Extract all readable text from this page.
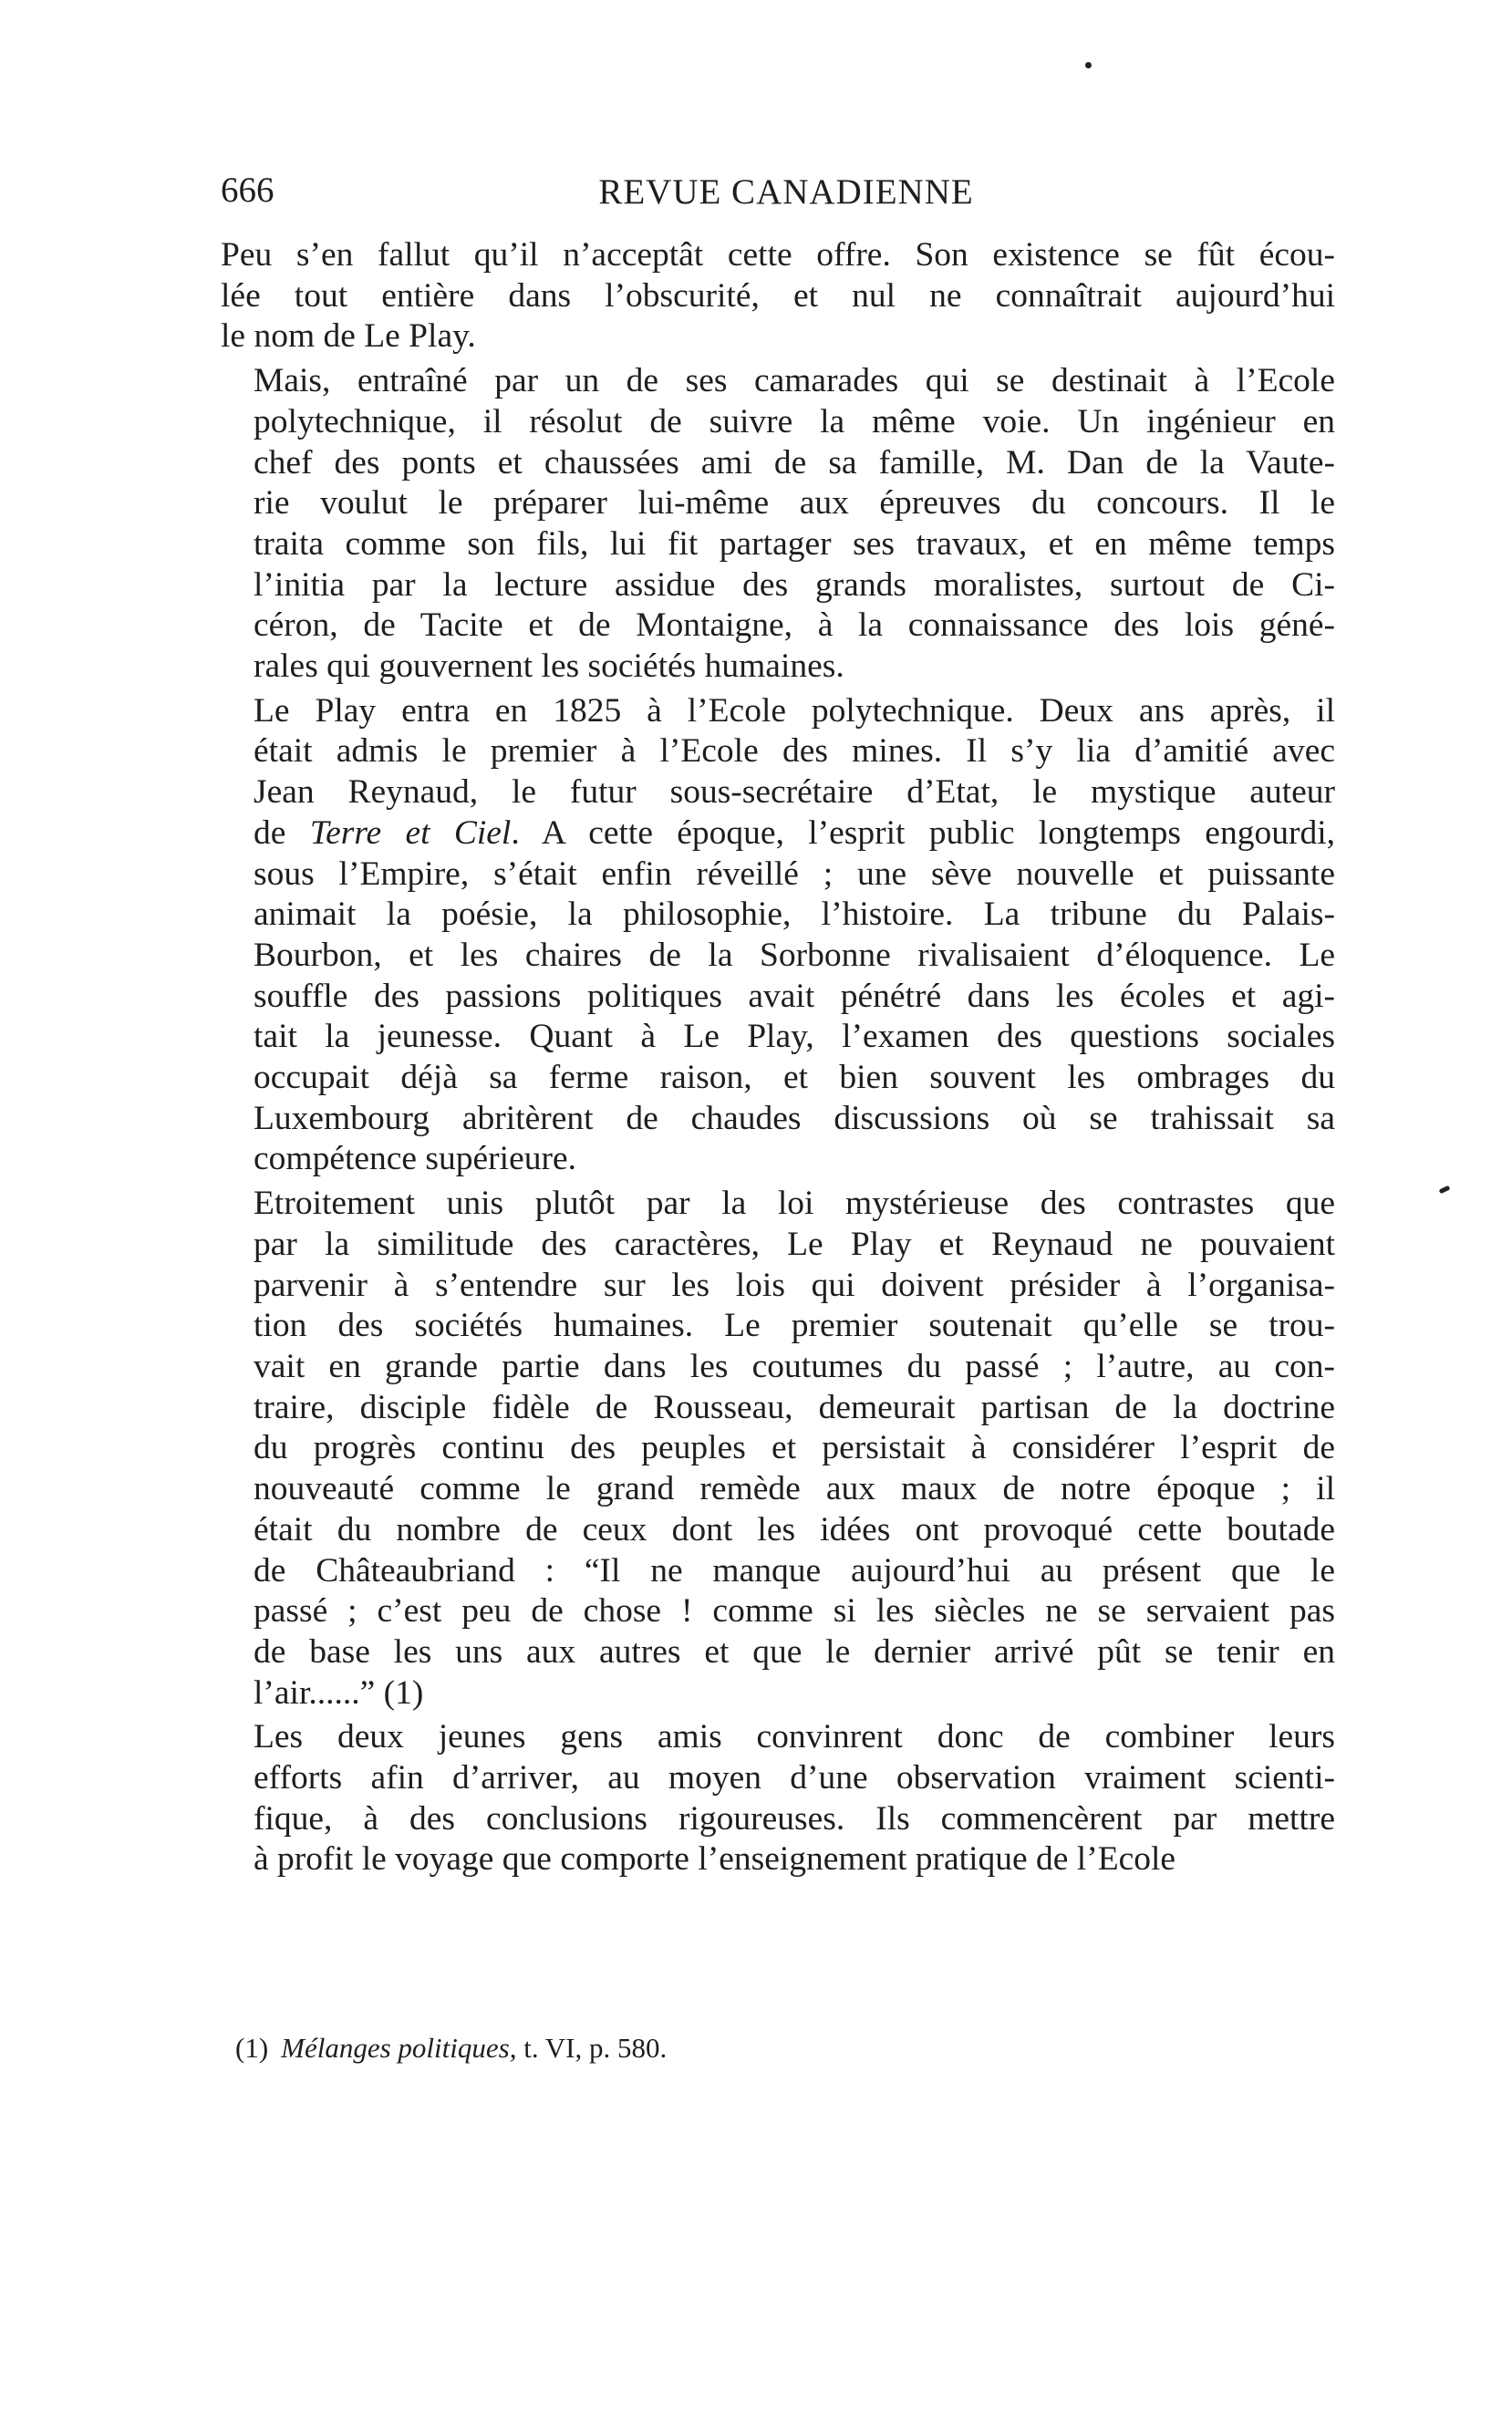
666	REVUE CANADIENNE

Peu s’en fallut qu’il n’acceptât cette offre. Son existence se fût écou-
lée tout entière dans l’obscurité, et nul ne connaîtrait aujourd’hui
le nom de Le Play.

Mais, entraîné par un de ses camarades qui se destinait à l’Ecole
polytechnique, il résolut de suivre la même voie. Un ingénieur en
chef des ponts et chaussées ami de sa famille, M. Dan de la Vaute-
rie voulut le préparer lui-même aux épreuves du concours. Il le
traita comme son fils, lui fit partager ses travaux, et en même temps
l’initia par la lecture assidue des grands moralistes, surtout de Ci-
céron, de Tacite et de Montaigne, à la connaissance des lois géné-
rales qui gouvernent les sociétés humaines.

Le Play entra en 1825 à l’Ecole polytechnique. Deux ans après, il
était admis le premier à l’Ecole des mines. Il s’y lia d’amitié avec
Jean Reynaud, le futur sous-secrétaire d’Etat, le mystique auteur
de Terre et Ciel. A cette époque, l’esprit public longtemps engourdi,
sous l’Empire, s’était enfin réveillé ; une sève nouvelle et puissante
animait la poésie, la philosophie, l’histoire. La tribune du Palais-
Bourbon, et les chaires de la Sorbonne rivalisaient d’éloquence. Le
souffle des passions politiques avait pénétré dans les écoles et agi-
tait la jeunesse. Quant à Le Play, l’examen des questions sociales
occupait déjà sa ferme raison, et bien souvent les ombrages du
Luxembourg abritèrent de chaudes discussions où se trahissait sa
compétence supérieure.

Etroitement unis plutôt par la loi mystérieuse des contrastes que
par la similitude des caractères, Le Play et Reynaud ne pouvaient
parvenir à s’entendre sur les lois qui doivent présider à l’organisa-
tion des sociétés humaines. Le premier soutenait qu’elle se trou-
vait en grande partie dans les coutumes du passé ; l’autre, au con-
traire, disciple fidèle de Rousseau, demeurait partisan de la doctrine
du progrès continu des peuples et persistait à considérer l’esprit de
nouveauté comme le grand remède aux maux de notre époque ; il
était du nombre de ceux dont les idées ont provoqué cette boutade
de Châteaubriand : “Il ne manque aujourd’hui au présent que le
passé ; c’est peu de chose ! comme si les siècles ne se servaient pas
de base les uns aux autres et que le dernier arrivé pût se tenir en
l’air......” (1)

Les deux jeunes gens amis convinrent donc de combiner leurs
efforts afin d’arriver, au moyen d’une observation vraiment scienti-
fique, à des conclusions rigoureuses. Ils commencèrent par mettre
à profit le voyage que comporte l’enseignement pratique de l’Ecole

(1) Mélanges politiques, t. VI, p. 580.
